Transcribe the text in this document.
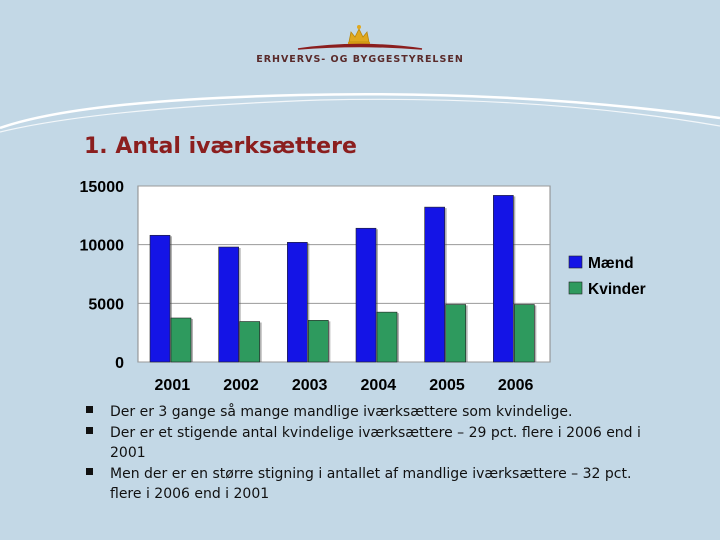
ERHVERVS- OG BYGGESTYRELSEN
1. Antal iværksættere
0
5000
10000
15000
2001 2002 2003 2004 2005 2006
Mænd
Kvinder
Der er 3 gange så mange mandlige iværksættere som kvindelige.
Der er et stigende antal kvindelige iværksættere – 29 pct. flere i 2006 end i 2001
Men der er en større stigning i antallet af mandlige iværksættere – 32 pct. flere i 2006 end i 2001
